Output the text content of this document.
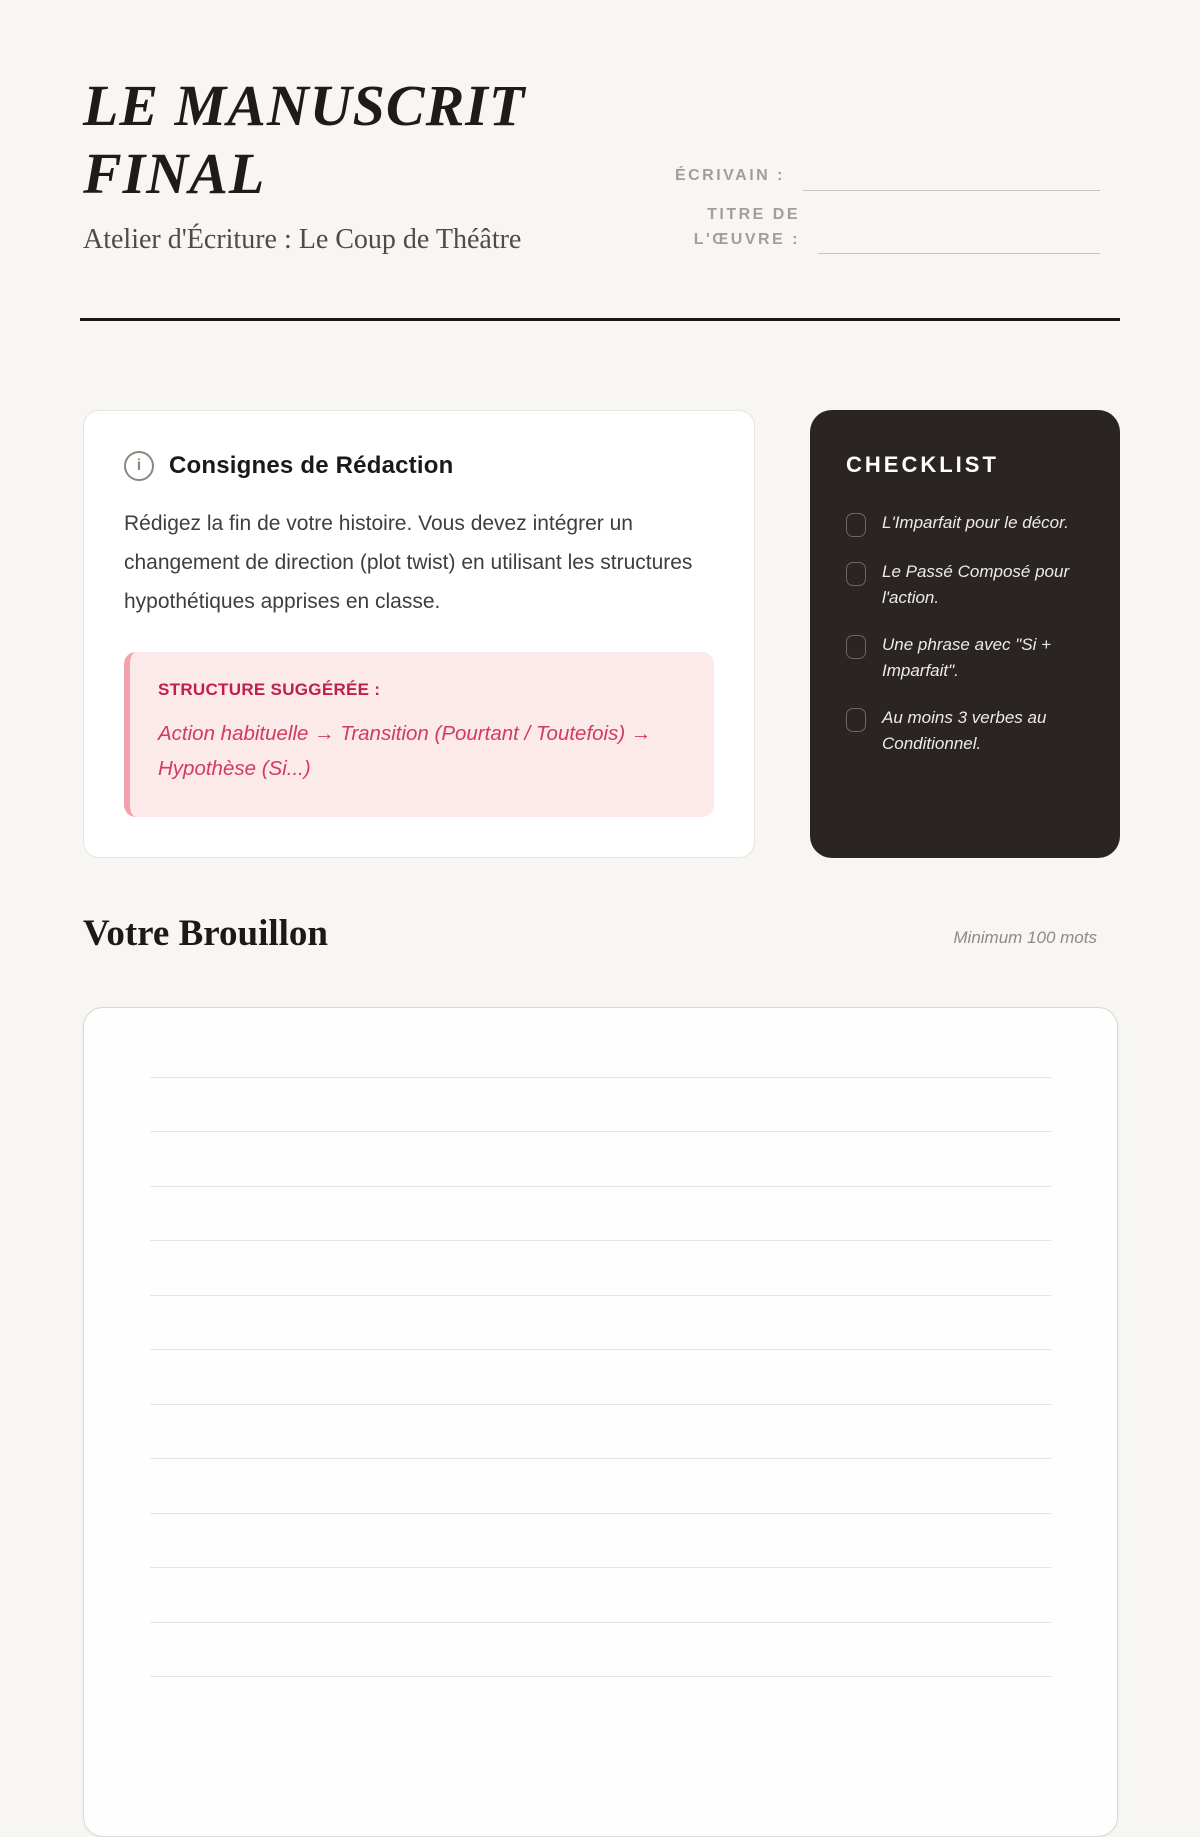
LE MANUSCRIT FINAL
Atelier d'Écriture : Le Coup de Théâtre
ÉCRIVAIN :
TITRE DE L'ŒUVRE :
i	Consignes de Rédaction

Rédigez la fin de votre histoire. Vous devez intégrer un changement de direction (plot twist) en utilisant les structures hypothétiques apprises en classe.

STRUCTURE SUGGÉRÉE :
Action habituelle → Transition (Pourtant / Toutefois) → Hypothèse (Si...)
CHECKLIST
L'Imparfait pour le décor.
Le Passé Composé pour l'action.
Une phrase avec "Si + Imparfait".
Au moins 3 verbes au Conditionnel.
Votre Brouillon	Minimum 100 mots
